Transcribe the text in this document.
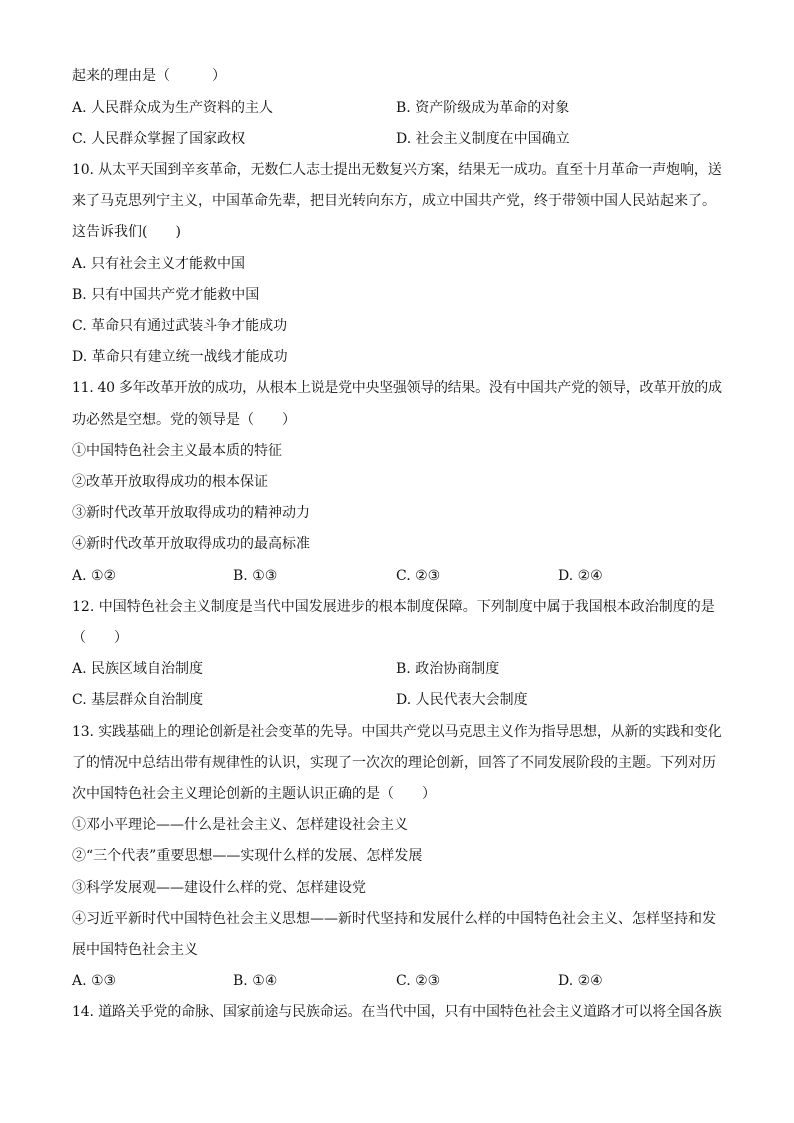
起来的理由是（　　　）
A. 人民群众成为生产资料的主人	B. 资产阶级成为革命的对象
C. 人民群众掌握了国家政权	D. 社会主义制度在中国确立
10. 从太平天国到辛亥革命，无数仁人志士提出无数复兴方案，结果无一成功。直至十月革命一声炮响，送
来了马克思列宁主义，中国革命先辈，把目光转向东方，成立中国共产党，终于带领中国人民站起来了。
这告诉我们(　　)
A. 只有社会主义才能救中国
B. 只有中国共产党才能救中国
C. 革命只有通过武装斗争才能成功
D. 革命只有建立统一战线才能成功
11. 40 多年改革开放的成功，从根本上说是党中央坚强领导的结果。没有中国共产党的领导，改革开放的成
功必然是空想。党的领导是（　　）
①中国特色社会主义最本质的特征
②改革开放取得成功的根本保证
③新时代改革开放取得成功的精神动力
④新时代改革开放取得成功的最高标准
A. ①②	B. ①③	C. ②③	D. ②④
12. 中国特色社会主义制度是当代中国发展进步的根本制度保障。下列制度中属于我国根本政治制度的是
（　　）
A. 民族区域自治制度	B. 政治协商制度
C. 基层群众自治制度	D. 人民代表大会制度
13. 实践基础上的理论创新是社会变革的先导。中国共产党以马克思主义作为指导思想，从新的实践和变化
了的情况中总结出带有规律性的认识，实现了一次次的理论创新，回答了不同发展阶段的主题。下列对历
次中国特色社会主义理论创新的主题认识正确的是（　　）
①邓小平理论——什么是社会主义、怎样建设社会主义
②“三个代表”重要思想——实现什么样的发展、怎样发展
③科学发展观——建设什么样的党、怎样建设党
④习近平新时代中国特色社会主义思想——新时代坚持和发展什么样的中国特色社会主义、怎样坚持和发
展中国特色社会主义
A. ①③	B. ①④	C. ②③	D. ②④
14. 道路关乎党的命脉、国家前途与民族命运。在当代中国，只有中国特色社会主义道路才可以将全国各族
